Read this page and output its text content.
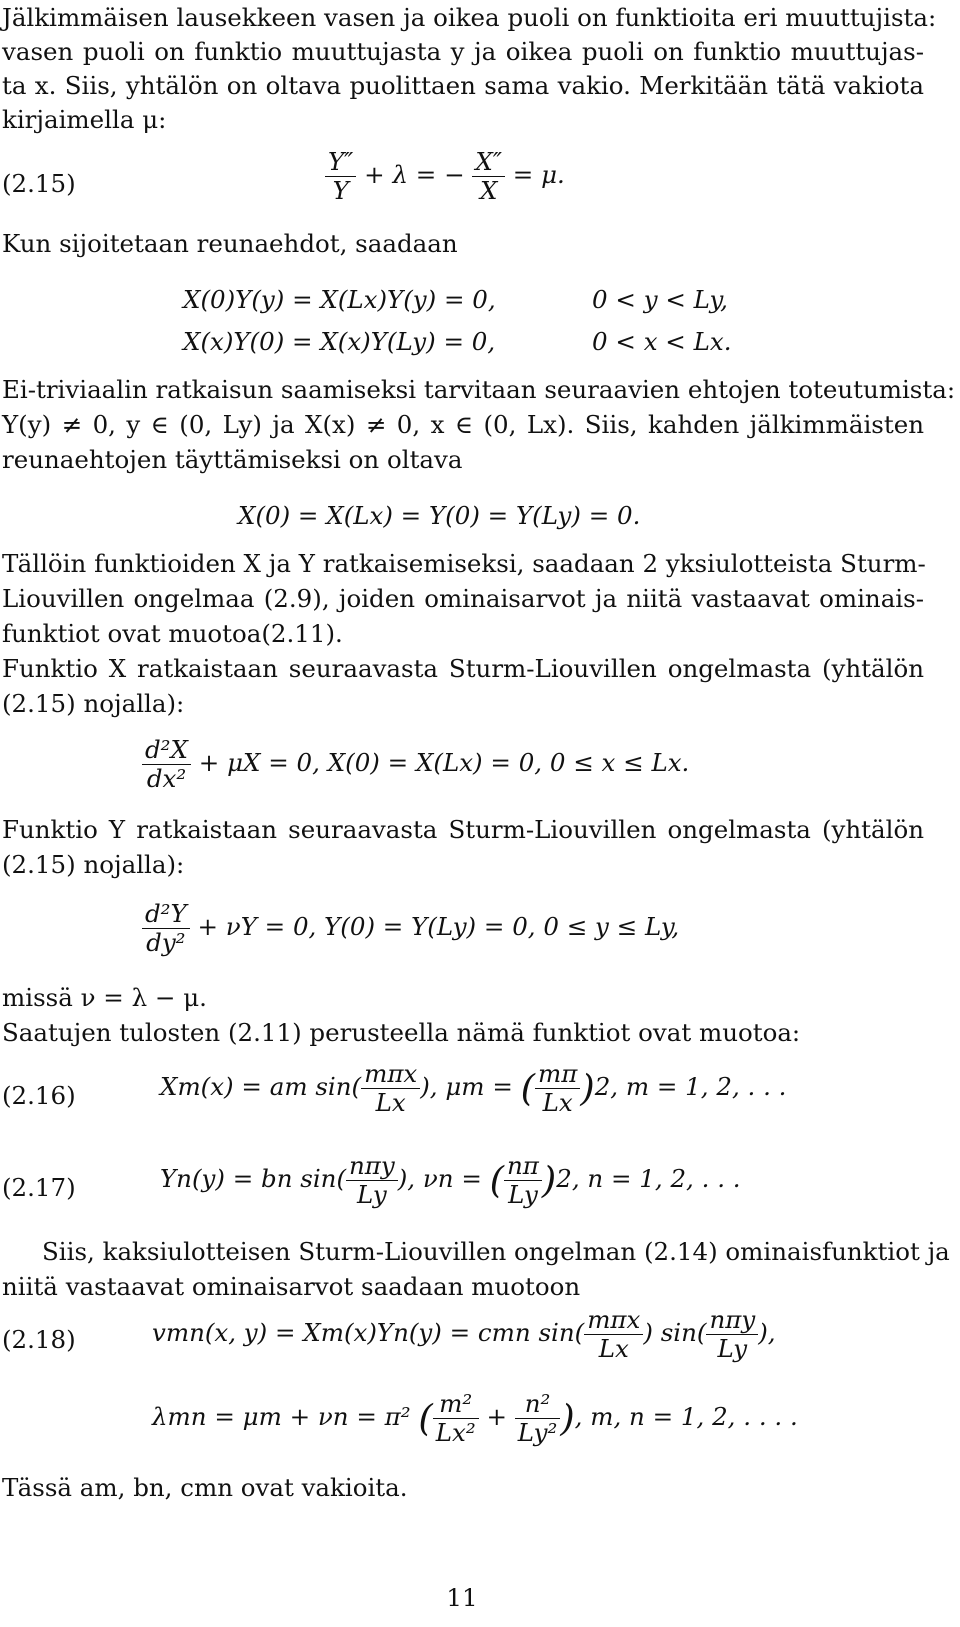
Jälkimmäisen lausekkeen vasen ja oikea puoli on funktioita eri muuttujista:
vasen puoli on funktio muuttujasta y ja oikea puoli on funktio muuttujas-
ta x. Siis, yhtälön on oltava puolittaen sama vakio. Merkitään tätä vakiota
kirjaimella μ:
(2.15)	$\frac{Y''}{Y} + \lambda$ = − $\frac{X''}{X} = \mu$.
Kun sijoitetaan reunaehdot, saadaan
X(0)Y(y) = X(Lx)Y(y) = 0,	0 < y < Ly,
X(x)Y(0) = X(x)Y(Ly) = 0,	0 < x < Lx.
Ei-triviaalin ratkaisun saamiseksi tarvitaan seuraavien ehtojen toteutumista:
Y(y) ≠ 0, y ∈ (0, Ly) ja X(x) ≠ 0, x ∈ (0, Lx). Siis, kahden jälkimmäisten
reunaehtojen täyttämiseksi on oltava
X(0) = X(Lx) = Y(0) = Y(Ly) = 0.
Tällöin funktioiden X ja Y ratkaisemiseksi, saadaan 2 yksiulotteista Sturm-
Liouvillen ongelmaa (2.9), joiden ominaisarvot ja niitä vastaavat ominais-
funktiot ovat muotoa(2.11).
Funktio X ratkaistaan seuraavasta Sturm-Liouvillen ongelmasta (yhtälön
(2.15) nojalla):
$\frac{\text{d²X}}{\text{dx²}} + \mu X = 0$, X(0) = X(Lx) = 0, 0 ≤ x ≤ Lx.
Funktio Y ratkaistaan seuraavasta Sturm-Liouvillen ongelmasta (yhtälön
(2.15) nojalla):
$\frac{\text{d²Y}}{\text{dy²}} + \nu Y = 0$, Y(0) = Y(Ly) = 0, 0 ≤ y ≤ Ly,
missä ν = λ − μ.
Saatujen tulosten (2.11) perusteella nämä funktiot ovat muotoa:
(2.16)	Xm(x) = am $\sin( \frac{\text{mπx}}{Lx}$ ), μm = ( $\frac{m\pi}{Lx} )2$, m = 1, 2, . . .
(2.17)	Yn(y) = bn $\sin( \frac{\text{nπy}}{Ly}$ ), νn = ( $\frac{n\pi}{Ly} )2$, n = 1, 2, . . .
Siis, kaksiulotteisen Sturm-Liouvillen ongelman (2.14) ominaisfunktiot ja
niitä vastaavat ominaisarvot saadaan muotoon
(2.18)	vmn(x, y) = Xm(x)Yn(y) = cmn $\sin( \frac{\text{mπx}}{Lx}$ ) $\sin( \frac{\text{nπy}}{Ly}$ ),
λmn = μm + νn = π² ( $\frac{\text{m²}}{\text{Lx²}} + \frac{\text{n²}}{\text{Ly²}}$ ), m, n = 1, 2, . . . .
Tässä am, bn, cmn ovat vakioita.
11
